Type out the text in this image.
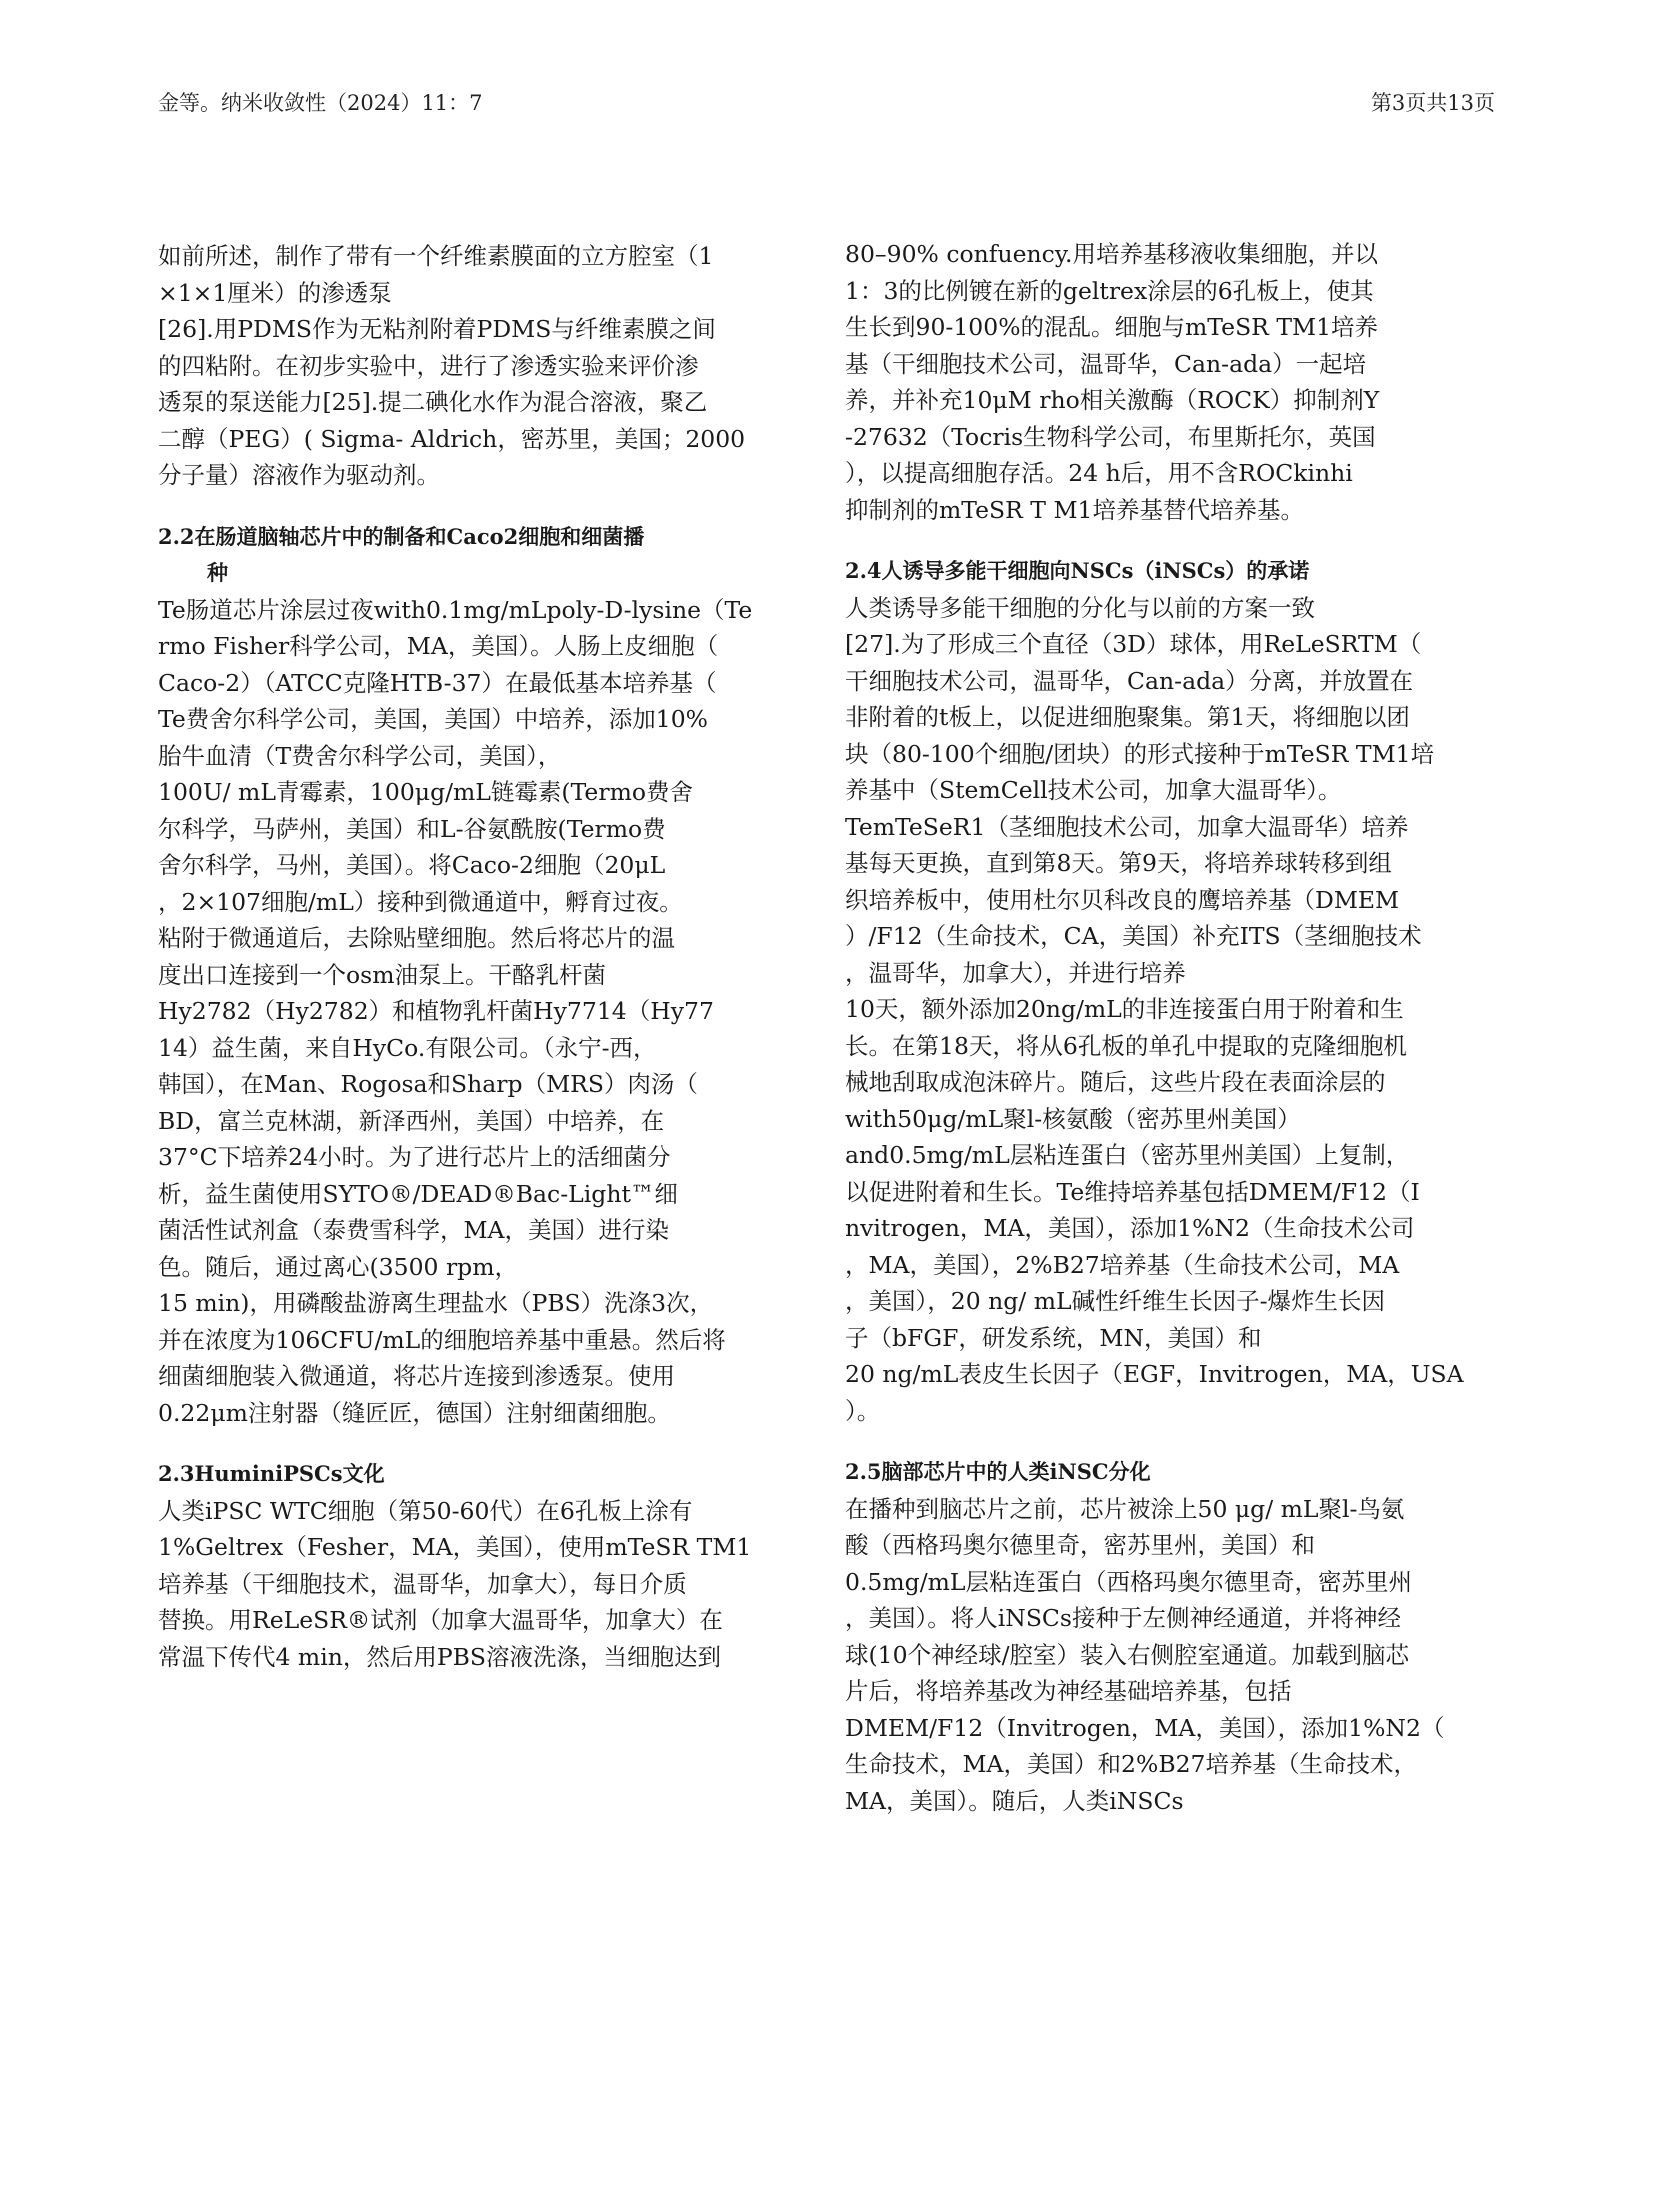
金等。纳米收敛性（2024）11：7	第3页共13页

如前所述，制作了带有一个纤维素膜面的立方腔室（1
×1×1厘米）的渗透泵
[26].用PDMS作为无粘剂附着PDMS与纤维素膜之间
的四粘附。在初步实验中，进行了渗透实验来评价渗
透泵的泵送能力[25].提二碘化水作为混合溶液，聚乙
二醇（PEG）( Sigma- Aldrich，密苏里，美国；2000
分子量）溶液作为驱动剂。

2.2在肠道脑轴芯片中的制备和Caco2细胞和细菌播
种

Te肠道芯片涂层过夜with0.1mg/mLpoly-D-lysine（Te
rmo Fisher科学公司，MA，美国）。人肠上皮细胞（
Caco-2）（ATCC克隆HTB-37）在最低基本培养基（
Te费舍尔科学公司，美国，美国）中培养，添加10%
胎牛血清（T费舍尔科学公司，美国），
100U/ mL青霉素，100μg/mL链霉素(Termo费舍
尔科学，马萨州，美国）和L-谷氨酰胺(Termo费
舍尔科学，马州，美国）。将Caco-2细胞（20μL
，2×107细胞/mL）接种到微通道中，孵育过夜。
粘附于微通道后，去除贴壁细胞。然后将芯片的温
度出口连接到一个osm油泵上。干酪乳杆菌
Hy2782（Hy2782）和植物乳杆菌Hy7714（Hy77
14）益生菌，来自HyCo.有限公司。（永宁-西，
韩国），在Man、Rogosa和Sharp（MRS）肉汤（
BD，富兰克林湖，新泽西州，美国）中培养，在
37°C下培养24小时。为了进行芯片上的活细菌分
析，益生菌使用SYTO®/DEAD®Bac-Light™细
菌活性试剂盒（泰费雪科学，MA，美国）进行染
色。随后，通过离心(3500 rpm，
15 min)，用磷酸盐游离生理盐水（PBS）洗涤3次，
并在浓度为106CFU/mL的细胞培养基中重悬。然后将
细菌细胞装入微通道，将芯片连接到渗透泵。使用
0.22μm注射器（缝匠匠，德国）注射细菌细胞。

2.3HuminiPSCs文化

人类iPSC WTC细胞（第50-60代）在6孔板上涂有
1%Geltrex（Fesher，MA，美国），使用mTeSR TM1
培养基（干细胞技术，温哥华，加拿大），每日介质
替换。用ReLeSR®试剂（加拿大温哥华，加拿大）在
常温下传代4 min，然后用PBS溶液洗涤，当细胞达到

80–90% confuency.用培养基移液收集细胞，并以
1：3的比例镀在新的geltrex涂层的6孔板上，使其
生长到90-100%的混乱。细胞与mTeSR TM1培养
基（干细胞技术公司，温哥华，Can-ada）一起培
养，并补充10μM rho相关激酶（ROCK）抑制剂Y
-27632（Tocris生物科学公司，布里斯托尔，英国
），以提高细胞存活。24 h后，用不含ROCkinhi
抑制剂的mTeSR T M1培养基替代培养基。

2.4人诱导多能干细胞向NSCs（iNSCs）的承诺

人类诱导多能干细胞的分化与以前的方案一致
[27].为了形成三个直径（3D）球体，用ReLeSRTM（
干细胞技术公司，温哥华，Can-ada）分离，并放置在
非附着的t板上，以促进细胞聚集。第1天，将细胞以团
块（80-100个细胞/团块）的形式接种于mTeSR TM1培
养基中（StemCell技术公司，加拿大温哥华）。
TemTeSeR1（茎细胞技术公司，加拿大温哥华）培养
基每天更换，直到第8天。第9天，将培养球转移到组
织培养板中，使用杜尔贝科改良的鹰培养基（DMEM
）/F12（生命技术，CA，美国）补充ITS（茎细胞技术
，温哥华，加拿大），并进行培养
10天，额外添加20ng/mL的非连接蛋白用于附着和生
长。在第18天，将从6孔板的单孔中提取的克隆细胞机
械地刮取成泡沫碎片。随后，这些片段在表面涂层的
with50μg/mL聚l-核氨酸（密苏里州美国）
and0.5mg/mL层粘连蛋白（密苏里州美国）上复制，
以促进附着和生长。Te维持培养基包括DMEM/F12（I
nvitrogen，MA，美国），添加1%N2（生命技术公司
，MA，美国），2%B27培养基（生命技术公司，MA
，美国），20 ng/ mL碱性纤维生长因子-爆炸生长因
子（bFGF，研发系统，MN，美国）和
20 ng/mL表皮生长因子（EGF，Invitrogen，MA，USA
）。

2.5脑部芯片中的人类iNSC分化

在播种到脑芯片之前，芯片被涂上50 μg/ mL聚l-鸟氨
酸（西格玛奥尔德里奇，密苏里州，美国）和
0.5mg/mL层粘连蛋白（西格玛奥尔德里奇，密苏里州
，美国）。将人iNSCs接种于左侧神经通道，并将神经
球(10个神经球/腔室）装入右侧腔室通道。加载到脑芯
片后，将培养基改为神经基础培养基，包括
DMEM/F12（Invitrogen，MA，美国），添加1%N2（
生命技术，MA，美国）和2%B27培养基（生命技术，
MA，美国）。随后，人类iNSCs
